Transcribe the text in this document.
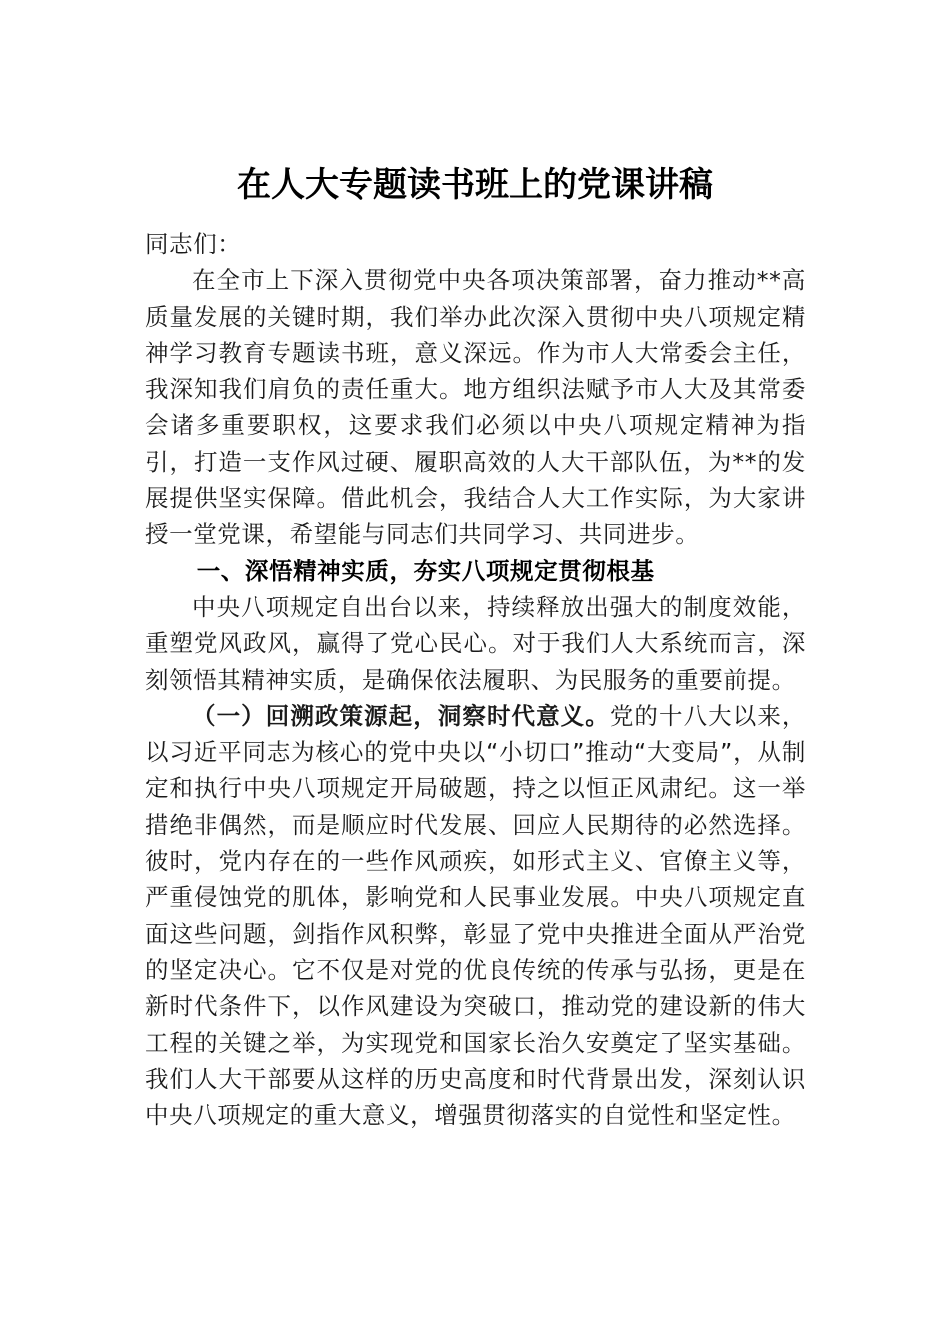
在人大专题读书班上的党课讲稿

同志们：

在全市上下深入贯彻党中央各项决策部署，奋力推动**高质量发展的关键时期，我们举办此次深入贯彻中央八项规定精神学习教育专题读书班，意义深远。作为市人大常委会主任，我深知我们肩负的责任重大。地方组织法赋予市人大及其常委会诸多重要职权，这要求我们必须以中央八项规定精神为指引，打造一支作风过硬、履职高效的人大干部队伍，为**的发展提供坚实保障。借此机会，我结合人大工作实际，为大家讲授一堂党课，希望能与同志们共同学习、共同进步。

一、深悟精神实质，夯实八项规定贯彻根基

中央八项规定自出台以来，持续释放出强大的制度效能，重塑党风政风，赢得了党心民心。对于我们人大系统而言，深刻领悟其精神实质，是确保依法履职、为民服务的重要前提。

（一）回溯政策源起，洞察时代意义。党的十八大以来，以习近平同志为核心的党中央以“小切口”推动“大变局”，从制定和执行中央八项规定开局破题，持之以恒正风肃纪。这一举措绝非偶然，而是顺应时代发展、回应人民期待的必然选择。彼时，党内存在的一些作风顽疾，如形式主义、官僚主义等，严重侵蚀党的肌体，影响党和人民事业发展。中央八项规定直面这些问题，剑指作风积弊，彰显了党中央推进全面从严治党的坚定决心。它不仅是对党的优良传统的传承与弘扬，更是在新时代条件下，以作风建设为突破口，推动党的建设新的伟大工程的关键之举，为实现党和国家长治久安奠定了坚实基础。我们人大干部要从这样的历史高度和时代背景出发，深刻认识中央八项规定的重大意义，增强贯彻落实的自觉性和坚定性。
